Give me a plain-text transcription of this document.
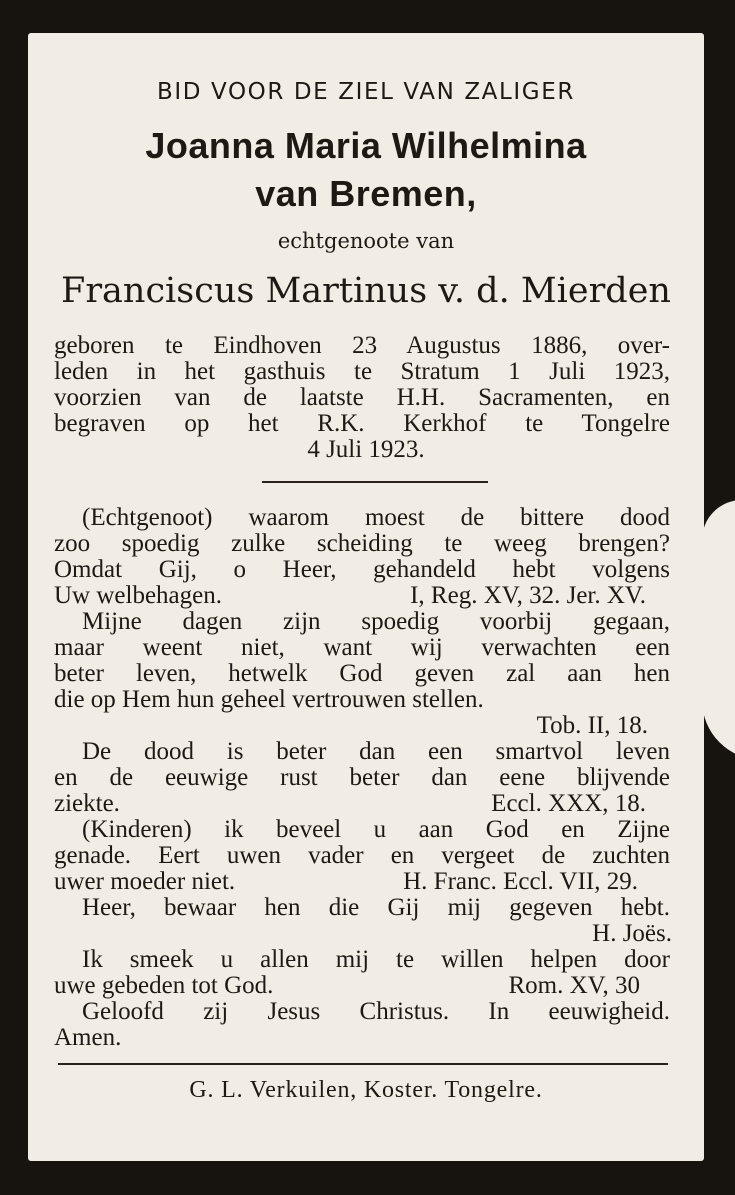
BID VOOR DE ZIEL VAN ZALIGER
Joanna Maria Wilhelmina
van Bremen,
echtgenoote van
Franciscus Martinus v. d. Mierden
geboren te Eindhoven 23 Augustus 1886, over-
leden in het gasthuis te Stratum 1 Juli 1923,
voorzien van de laatste H.H. Sacramenten, en
begraven op het R.K. Kerkhof te Tongelre
4 Juli 1923.
(Echtgenoot) waarom moest de bittere dood
zoo spoedig zulke scheiding te weeg brengen?
Omdat Gij, o Heer, gehandeld hebt volgens
Uw welbehagen.	I, Reg. XV, 32. Jer. XV.
Mijne dagen zijn spoedig voorbij gegaan,
maar weent niet, want wij verwachten een
beter leven, hetwelk God geven zal aan hen
die op Hem hun geheel vertrouwen stellen.
Tob. II, 18.
De dood is beter dan een smartvol leven
en de eeuwige rust beter dan eene blijvende
ziekte.	Eccl. XXX, 18.
(Kinderen) ik beveel u aan God en Zijne
genade. Eert uwen vader en vergeet de zuchten
uwer moeder niet.	H. Franc. Eccl. VII, 29.
Heer, bewaar hen die Gij mij gegeven hebt.
H. Joës.
Ik smeek u allen mij te willen helpen door
uwe gebeden tot God.	Rom. XV, 30
Geloofd zij Jesus Christus. In eeuwigheid.
Amen.
G. L. Verkuilen, Koster. Tongelre.
